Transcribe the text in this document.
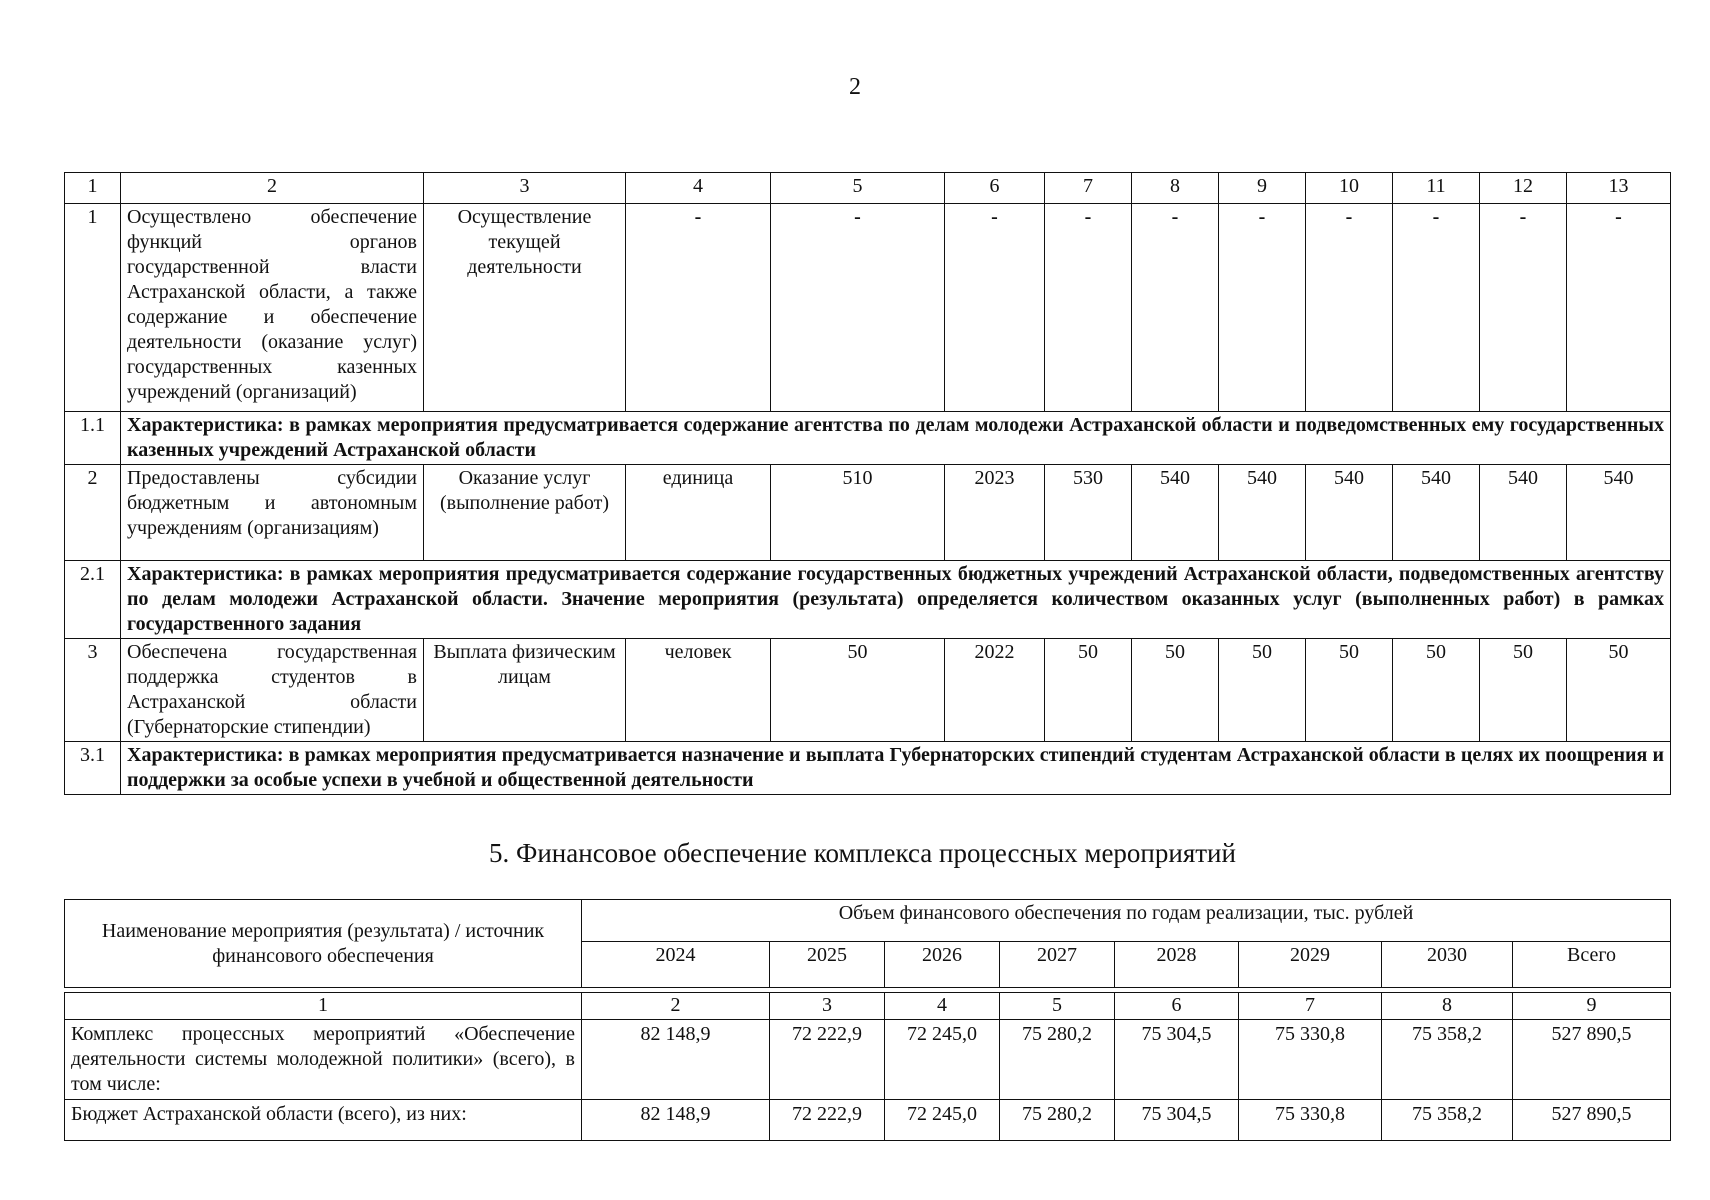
2
1	2	3	4	5	6	7	8	9	10	11	12	13
1	Осуществлено обеспечение функций органов государственной власти Астраханской области, а также содержание и обеспечение деятельности (оказание услуг) государственных казенных учреждений (организаций)	Осуществление текущей деятельности	-	-	-	-	-	-	-	-	-	-
1.1	Характеристика: в рамках мероприятия предусматривается содержание агентства по делам молодежи Астраханской области и подведомственных ему государственных казенных учреждений Астраханской области											
2	Предоставлены субсидии бюджетным и автономным учреждениям (организациям)	Оказание услуг (выполнение работ)	единица	510	2023	530	540	540	540	540	540	540
2.1	Характеристика: в рамках мероприятия предусматривается содержание государственных бюджетных учреждений Астраханской области, подведомственных агентству по делам молодежи Астраханской области. Значение мероприятия (результата) определяется количеством оказанных услуг (выполненных работ) в рамках государственного задания											
3	Обеспечена государственная поддержка студентов в Астраханской области (Губернаторские стипендии)	Выплата физическим лицам	человек	50	2022	50	50	50	50	50	50	50
3.1	Характеристика: в рамках мероприятия предусматривается назначение и выплата Губернаторских стипендий студентам Астраханской области в целях их поощрения и поддержки за особые успехи в учебной и общественной деятельности											
5. Финансовое обеспечение комплекса процессных мероприятий
Наименование мероприятия (результата) / источник финансового обеспечения	Объем финансового обеспечения по годам реализации, тыс. рублей							
	2024	2025	2026	2027	2028	2029	2030	Всего
1	2	3	4	5	6	7	8	9
Комплекс процессных мероприятий «Обеспечение деятельности системы молодежной политики» (всего), в том числе:	82 148,9	72 222,9	72 245,0	75 280,2	75 304,5	75 330,8	75 358,2	527 890,5
Бюджет Астраханской области (всего), из них:	82 148,9	72 222,9	72 245,0	75 280,2	75 304,5	75 330,8	75 358,2	527 890,5
